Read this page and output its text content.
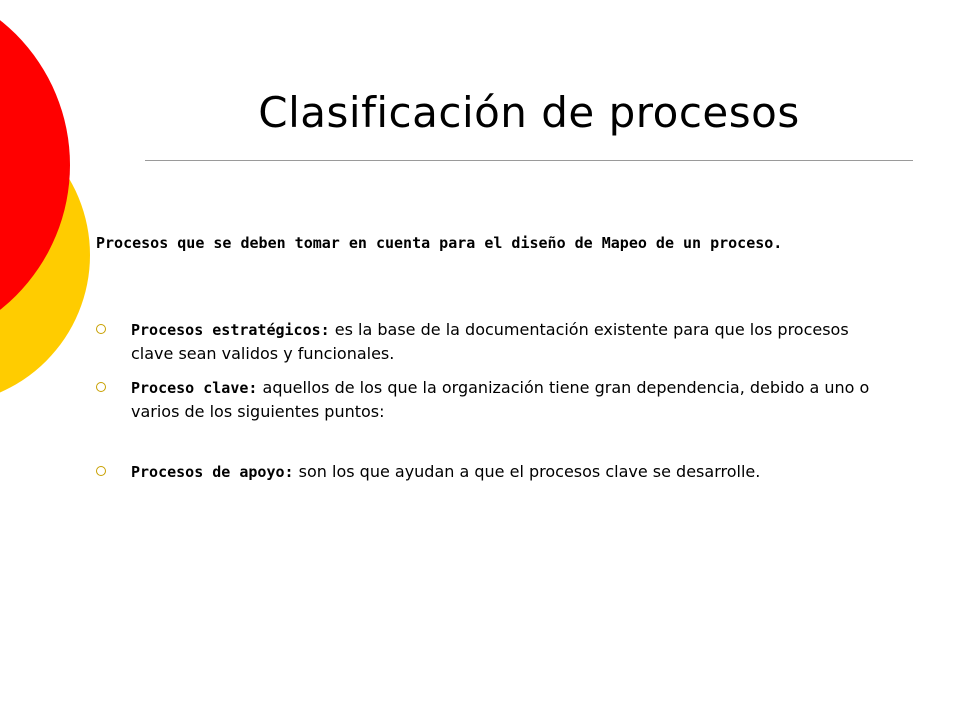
Clasificación de procesos

Procesos que se deben tomar en cuenta para el diseño de Mapeo de un proceso.

Procesos estratégicos: es la base de la documentación existente para que los procesos clave sean validos y funcionales.
Proceso clave: aquellos de los que la organización tiene gran dependencia, debido a uno o varios de los siguientes puntos:
Procesos de apoyo: son los que ayudan a que el procesos clave se desarrolle.
